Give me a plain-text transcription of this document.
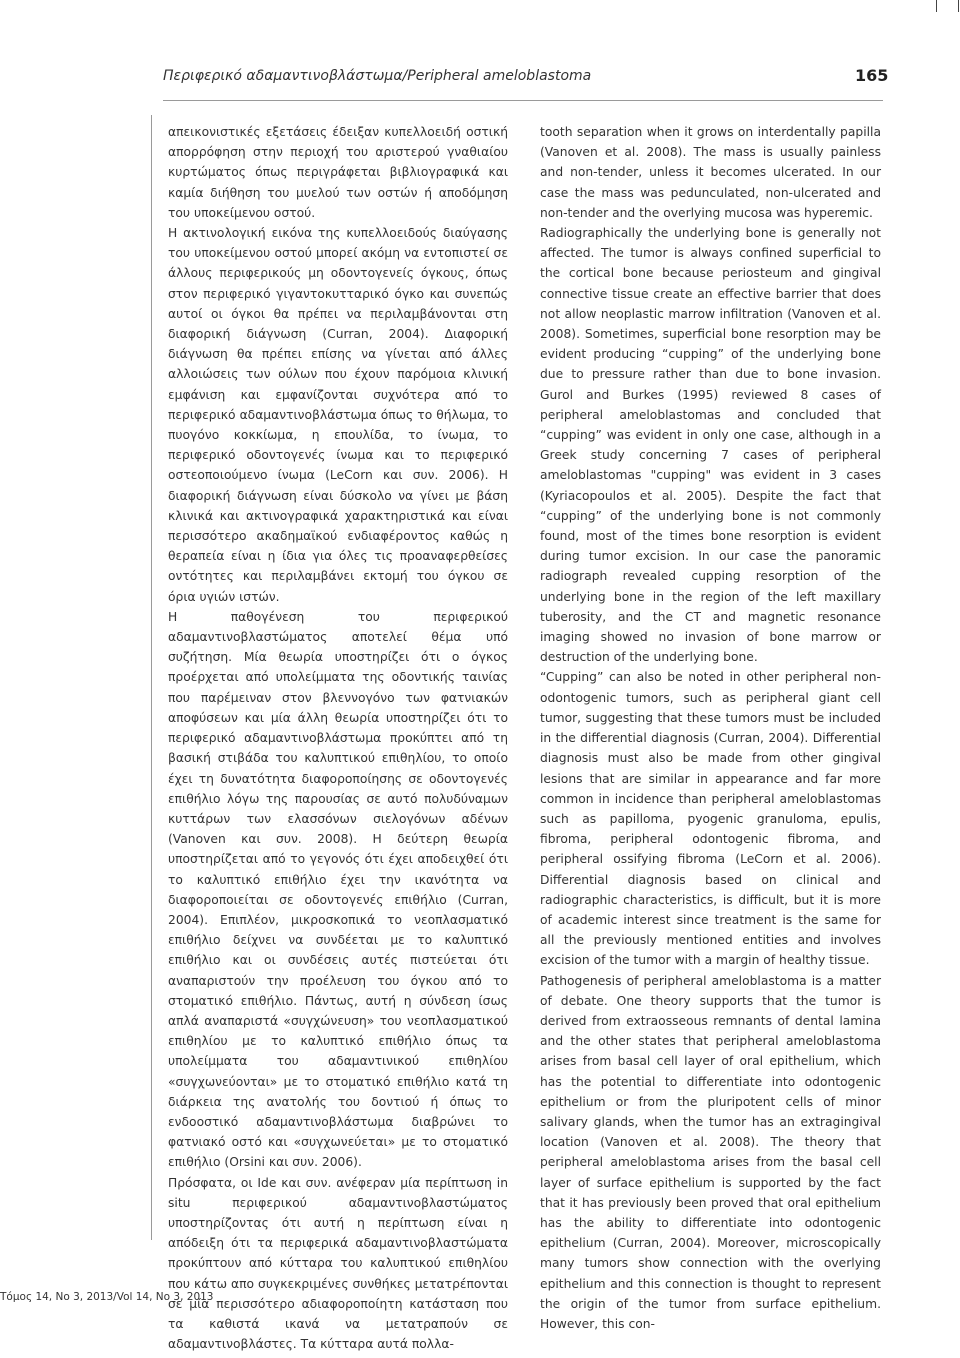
Περιφερικό αδαμαντινοβλάστωμα/Peripheral ameloblastoma	165

απεικονιστικές εξετάσεις έδειξαν κυπελλοειδή οστική απορρόφηση στην περιοχή του αριστερού γναθιαίου κυρτώματος όπως περιγράφεται βιβλιογραφικά και καμία διήθηση του μυελού των οστών ή αποδόμηση του υποκείμενου οστού.

Η ακτινολογική εικόνα της κυπελλοειδούς διαύγασης του υποκείμενου οστού μπορεί ακόμη να εντοπιστεί σε άλλους περιφερικούς μη οδοντογενείς όγκους, όπως στον περιφερικό γιγαντοκυτταρικό όγκο και συνεπώς αυτοί οι όγκοι θα πρέπει να περιλαμβάνονται στη διαφορική διάγνωση (Curran, 2004). Διαφορική διάγνωση θα πρέπει επίσης να γίνεται από άλλες αλλοιώσεις των ούλων που έχουν παρόμοια κλινική εμφάνιση και εμφανίζονται συχνότερα από το περιφερικό αδαμαντινοβλάστωμα όπως το θήλωμα, το πυογόνο κοκκίωμα, η επουλίδα, το ίνωμα, το περιφερικό οδοντογενές ίνωμα και το περιφερικό οστεοποιούμενο ίνωμα (LeCorn και συν. 2006). Η διαφορική διάγνωση είναι δύσκολο να γίνει με βάση κλινικά και ακτινογραφικά χαρακτηριστικά και είναι περισσότερο ακαδημαϊκού ενδιαφέροντος καθώς η θεραπεία είναι η ίδια για όλες τις προαναφερθείσες οντότητες και περιλαμβάνει εκτομή του όγκου σε όρια υγιών ιστών.

Η παθογένεση του περιφερικού αδαμαντινοβλαστώματος αποτελεί θέμα υπό συζήτηση. Μία θεωρία υποστηρίζει ότι ο όγκος προέρχεται από υπολείμματα της οδοντικής ταινίας που παρέμειναν στον βλεννογόνο των φατνιακών αποφύσεων και μία άλλη θεωρία υποστηρίζει ότι το περιφερικό αδαμαντινοβλάστωμα προκύπτει από τη βασική στιβάδα του καλυπτικού επιθηλίου, το οποίο έχει τη δυνατότητα διαφοροποίησης σε οδοντογενές επιθήλιο λόγω της παρουσίας σε αυτό πολυδύναμων κυττάρων των ελασσόνων σιελογόνων αδένων (Vanoven και συν. 2008). Η δεύτερη θεωρία υποστηρίζεται από το γεγονός ότι έχει αποδειχθεί ότι το καλυπτικό επιθήλιο έχει την ικανότητα να διαφοροποιείται σε οδοντογενές επιθήλιο (Curran, 2004). Επιπλέον, μικροσκοπικά το νεοπλασματικό επιθήλιο δείχνει να συνδέεται με το καλυπτικό επιθήλιο και οι συνδέσεις αυτές πιστεύεται ότι αναπαριστούν την προέλευση του όγκου από το στοματικό επιθήλιο. Πάντως, αυτή η σύνδεση ίσως απλά αναπαριστά «συγχώνευση» του νεοπλασματικού επιθηλίου με το καλυπτικό επιθήλιο όπως τα υπολείμματα του αδαμαντινικού επιθηλίου «συγχωνεύονται» με το στοματικό επιθήλιο κατά τη διάρκεια της ανατολής του δοντιού ή όπως το ενδοοστικό αδαμαντινοβλάστωμα διαβρώνει το φατνιακό οστό και «συγχωνεύεται» με το στοματικό επιθήλιο (Orsini και συν. 2006).

Πρόσφατα, οι Ide και συν. ανέφεραν μία περίπτωση in situ περιφερικού αδαμαντινοβλαστώματος υποστηρίζοντας ότι αυτή η περίπτωση είναι η απόδειξη ότι τα περιφερικά αδαμαντινοβλαστώματα προκύπτουν από κύτταρα του καλυπτικού επιθηλίου που κάτω απο συγκεκριμένες συνθήκες μετατρέπονται σε μία περισσότερο αδιαφοροποίητη κατάσταση που τα καθιστά ικανά να μετατραπούν σε αδαμαντινοβλάστες. Τα κύτταρα αυτά πολλα-

tooth separation when it grows on interdentally papilla (Vanoven et al. 2008). The mass is usually painless and non-tender, unless it becomes ulcerated. In our case the mass was pedunculated, non-ulcerated and non-tender and the overlying mucosa was hyperemic.

Radiographically the underlying bone is generally not affected. The tumor is always confined superficial to the cortical bone because periosteum and gingival connective tissue create an effective barrier that does not allow neoplastic marrow infiltration (Vanoven et al. 2008). Sometimes, superficial bone resorption may be evident producing “cupping” of the underlying bone due to pressure rather than due to bone invasion. Gurol and Burkes (1995) reviewed 8 cases of peripheral ameloblastomas and concluded that “cupping” was evident in only one case, although in a Greek study concerning 7 cases of peripheral ameloblastomas "cupping" was evident in 3 cases (Kyriacopoulos et al. 2005). Despite the fact that “cupping” of the underlying bone is not commonly found, most of the times bone resorption is evident during tumor excision. In our case the panoramic radiograph revealed cupping resorption of the underlying bone in the region of the left maxillary tuberosity, and the CT and magnetic resonance imaging showed no invasion of bone marrow or destruction of the underlying bone.

“Cupping” can also be noted in other peripheral non-odontogenic tumors, such as peripheral giant cell tumor, suggesting that these tumors must be included in the differential diagnosis (Curran, 2004). Differential diagnosis must also be made from other gingival lesions that are similar in appearance and far more common in incidence than peripheral ameloblastomas such as papilloma, pyogenic granuloma, epulis, fibroma, peripheral odontogenic fibroma, and peripheral ossifying fibroma (LeCorn et al. 2006). Differential diagnosis based on clinical and radiographic characteristics, is difficult, but it is more of academic interest since treatment is the same for all the previously mentioned entities and involves excision of the tumor with a margin of healthy tissue.

Pathogenesis of peripheral ameloblastoma is a matter of debate. One theory supports that the tumor is derived from extraosseous remnants of dental lamina and the other states that peripheral ameloblastoma arises from basal cell layer of oral epithelium, which has the potential to differentiate into odontogenic epithelium or from the pluripotent cells of minor salivary glands, when the tumor has an extragingival location (Vanoven et al. 2008). The theory that peripheral ameloblastoma arises from the basal cell layer of surface epithelium is supported by the fact that it has previously been proved that oral epithelium has the ability to differentiate into odontogenic epithelium (Curran, 2004). Moreover, microscopically many tumors show connection with the overlying epithelium and this connection is thought to represent the origin of the tumor from surface epithelium. However, this con-

Τόμος 14, No 3, 2013/Vol 14, No 3, 2013
